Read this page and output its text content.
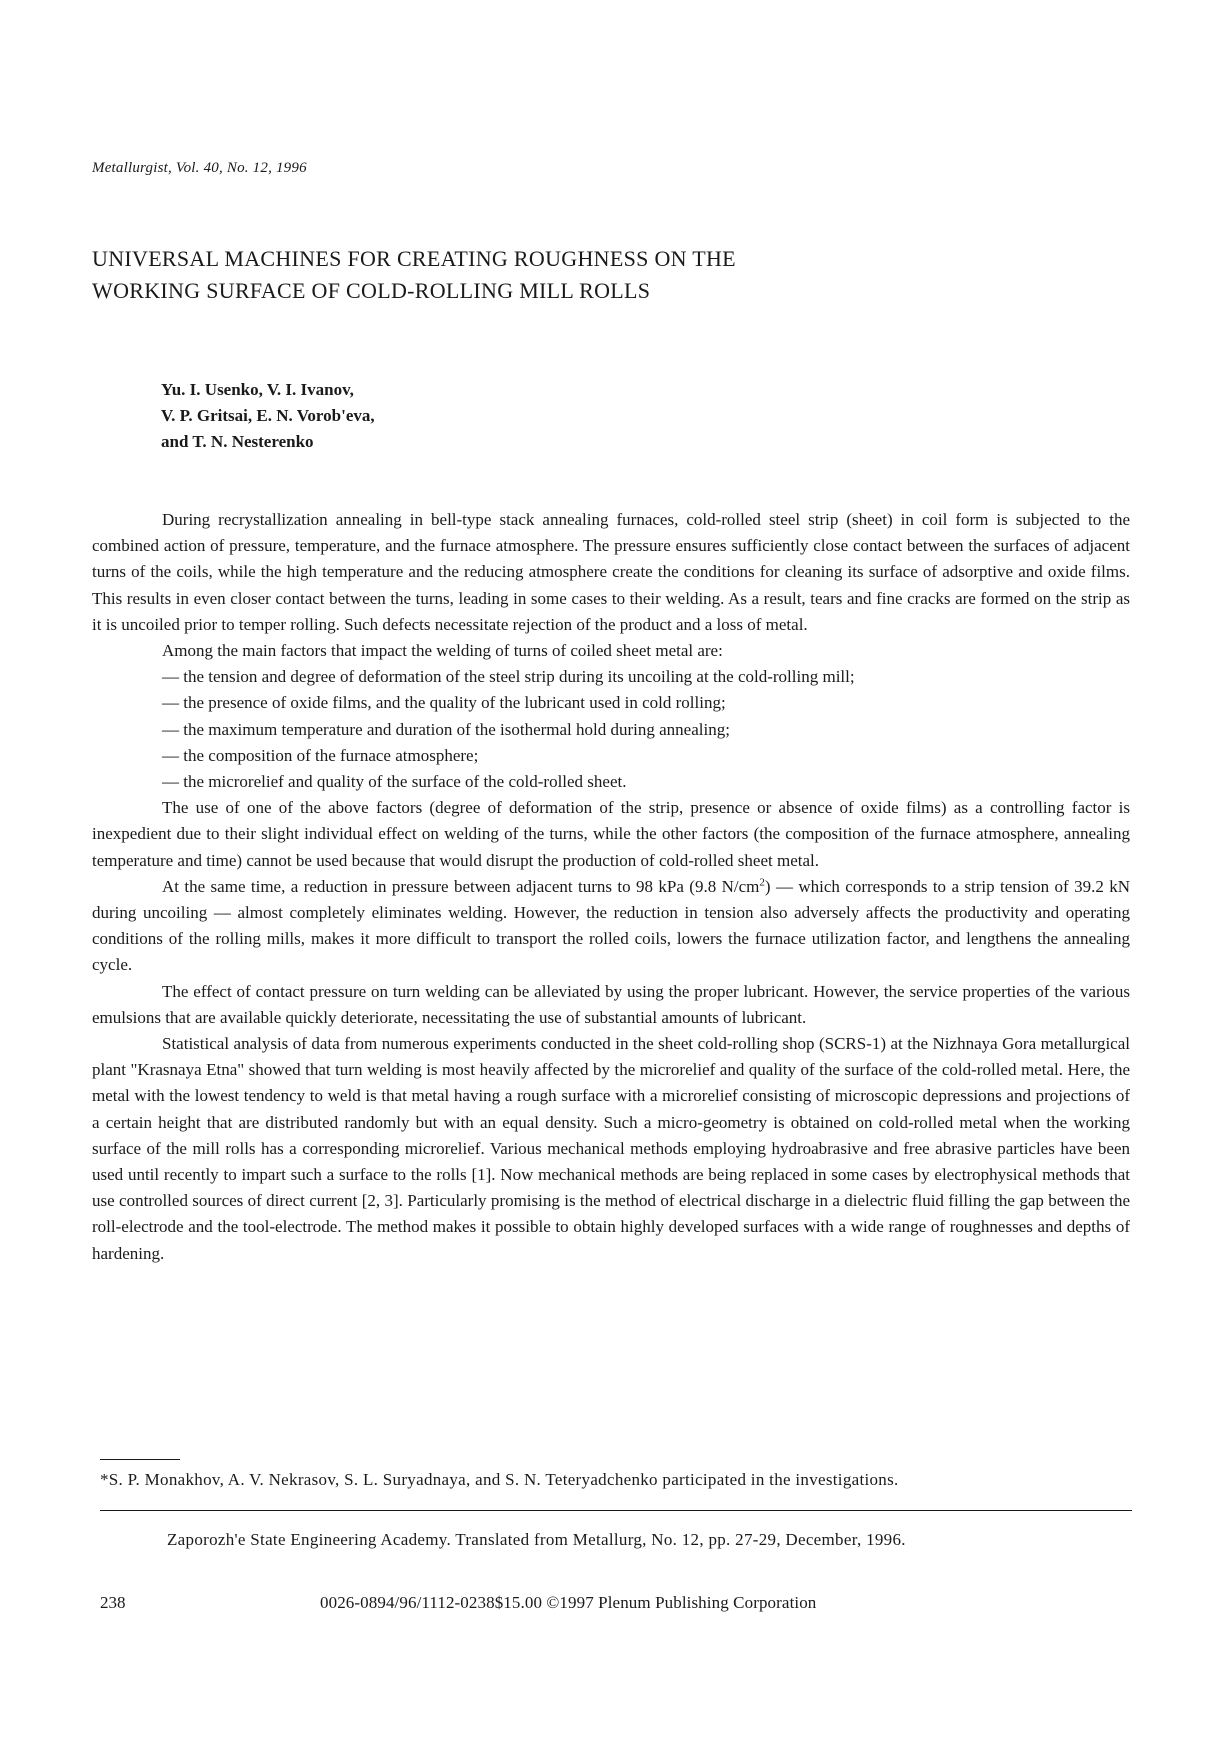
Metallurgist, Vol. 40, No. 12, 1996
UNIVERSAL MACHINES FOR CREATING ROUGHNESS ON THE
WORKING SURFACE OF COLD-ROLLING MILL ROLLS
Yu. I. Usenko, V. I. Ivanov,
V. P. Gritsai, E. N. Vorob'eva,
and T. N. Nesterenko

During recrystallization annealing in bell-type stack annealing furnaces, cold-rolled steel strip (sheet) in coil form is subjected to the combined action of pressure, temperature, and the furnace atmosphere. The pressure ensures sufficiently close contact between the surfaces of adjacent turns of the coils, while the high temperature and the reducing atmosphere create the conditions for cleaning its surface of adsorptive and oxide films. This results in even closer contact between the turns, leading in some cases to their welding. As a result, tears and fine cracks are formed on the strip as it is uncoiled prior to temper rolling. Such defects necessitate rejection of the product and a loss of metal.

Among the main factors that impact the welding of turns of coiled sheet metal are:

— the tension and degree of deformation of the steel strip during its uncoiling at the cold-rolling mill;

— the presence of oxide films, and the quality of the lubricant used in cold rolling;

— the maximum temperature and duration of the isothermal hold during annealing;

— the composition of the furnace atmosphere;

— the microrelief and quality of the surface of the cold-rolled sheet.

The use of one of the above factors (degree of deformation of the strip, presence or absence of oxide films) as a controlling factor is inexpedient due to their slight individual effect on welding of the turns, while the other factors (the composition of the furnace atmosphere, annealing temperature and time) cannot be used because that would disrupt the production of cold-rolled sheet metal.

At the same time, a reduction in pressure between adjacent turns to 98 kPa (9.8 $N/cm^2$) — which corresponds to a strip tension of 39.2 kN during uncoiling — almost completely eliminates welding. However, the reduction in tension also adversely affects the productivity and operating conditions of the rolling mills, makes it more difficult to transport the rolled coils, lowers the furnace utilization factor, and lengthens the annealing cycle.

The effect of contact pressure on turn welding can be alleviated by using the proper lubricant. However, the service properties of the various emulsions that are available quickly deteriorate, necessitating the use of substantial amounts of lubricant.

Statistical analysis of data from numerous experiments conducted in the sheet cold-rolling shop (SCRS-1) at the Nizhnaya Gora metallurgical plant "Krasnaya Etna" showed that turn welding is most heavily affected by the microrelief and quality of the surface of the cold-rolled metal. Here, the metal with the lowest tendency to weld is that metal having a rough surface with a microrelief consisting of microscopic depressions and projections of a certain height that are distributed randomly but with an equal density. Such a micro-geometry is obtained on cold-rolled metal when the working surface of the mill rolls has a corresponding microrelief. Various mechanical methods employing hydroabrasive and free abrasive particles have been used until recently to impart such a surface to the rolls [1]. Now mechanical methods are being replaced in some cases by electrophysical methods that use controlled sources of direct current [2, 3]. Particularly promising is the method of electrical discharge in a dielectric fluid filling the gap between the roll-electrode and the tool-electrode. The method makes it possible to obtain highly developed surfaces with a wide range of roughnesses and depths of hardening.

*S. P. Monakhov, A. V. Nekrasov, S. L. Suryadnaya, and S. N. Teteryadchenko participated in the investigations.
Zaporozh'e State Engineering Academy. Translated from Metallurg, No. 12, pp. 27-29, December, 1996.
238	0026-0894/96/1112-0238$15.00 ©1997 Plenum Publishing Corporation
